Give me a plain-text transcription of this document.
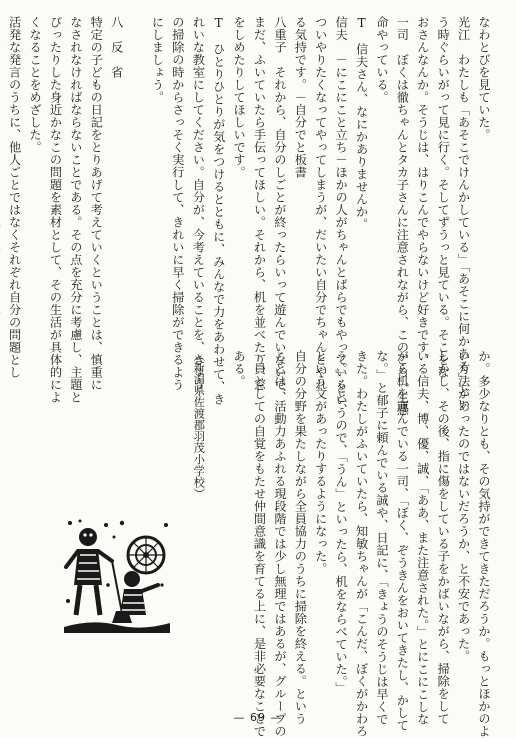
なわとびを見ていた。
光江　わたしも「あそこでけんかしている」「あそこに何かある」とい
う時ぐらいがって見に行く。そしてずうっと見ている。そこをな
おさんなんか。そうじは、はりこんでやらないけど好きです。
一司　ぼくは徹ちゃんとタカ子さんに注意されながら、このごろ一生懸
命やっている。
T　信夫さん、なにかありませんか。
信夫　－にこにこと立ち－ほかの人がちゃんとばらでもやっていると、
ついやりたくなってやってしまうが、だいたい自分でちゃんとやれ
る気持です。－自分でと板書
八重子　それから、自分のしごとが終ったらいって遊んでいないで、
まだ、ふいていたら手伝ってほしい。それから、机を並べたり、窓
をしめたりしてほしいです。
T　ひとりひとりが気をつけるとともに、みんなで力をあわせて、き
れいな教室にしてください。自分が、今考えていることを、きょう
の掃除の時からさっそく実行して、きれいに早く掃除ができるよう
にしましょう。

八　反　省
特定の子どもの日記をとりあげて考えていくということは、慎重に
なされなければならないことである。その点を充分に考慮し、主題と
ぴったりした身近かなこの問題を素材として、その生活が具体的によ
くなることをめざした。
活発な発言のうちに、他人ごとではなくそれぞれ自分の問題とし
か。多少なりとも、その気持ができてきただろうか。もっとほかのよ
い方法があったのではないだろうか、と不安であった。
しかし、その後、指に傷をしている子をかばいながら、掃除をして
いる信夫、博、優、誠、「ああ、また注意された。」とにこにこしな
がら机を運んでいる一司、「ぼく、ぞうきんをおいてきたし、かして
な。」と郁子に頼んでいる誠や、日記に、「きょうのそうじは早くで
きた。わたしがふいていたら、知敏ちゃんが「こんだ、ぼくがかわろ
う。」というので、「うん」といったら、机をならべていた。」
という文があったりするようになった。
自分の分野を果たしながら全員協力のうちに掃除を終える。という
ことは、活動力あふれる現段階では少し無理ではあるが、グループの
一員としての自覚をもたせ仲間意識を育てる上に、是非必要なことで
ある。

（新潟県佐渡郡羽茂小学校）
— 69 —
